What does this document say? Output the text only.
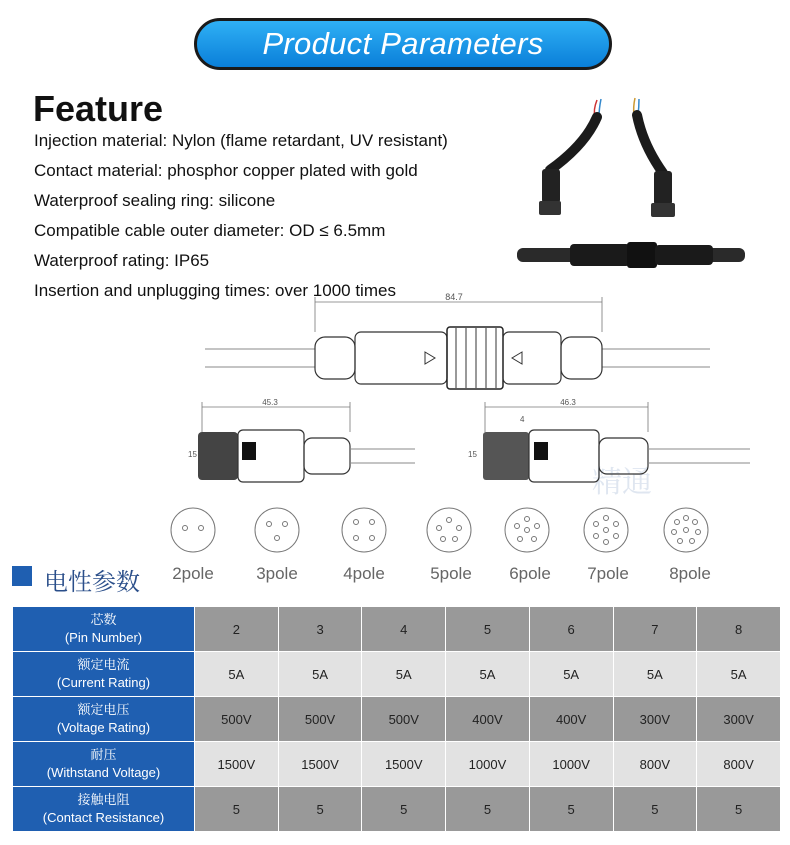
Product Parameters
Feature
Injection material: Nylon (flame retardant, UV resistant)
Contact material: phosphor copper plated with gold
Waterproof sealing ring: silicone
Compatible cable outer diameter: OD ≤ 6.5mm
Waterproof rating: IP65
Insertion and unplugging times: over 1000 times
精通
84.7
45.3
15
46.3
4
15
2pole 3pole	4pole	5pole 6pole 7pole 8pole
电性参数
芯数
(Pin Number)	2	3	4	5	6	7	8
额定电流
(Current Rating)	5A	5A	5A	5A	5A	5A	5A
额定电压
(Voltage Rating)	500V	500V	500V	400V	400V	300V	300V
耐压
(Withstand Voltage)	1500V	1500V	1500V	1000V	1000V	800V	800V
接触电阻
(Contact Resistance)	5	5	5	5	5	5	5
